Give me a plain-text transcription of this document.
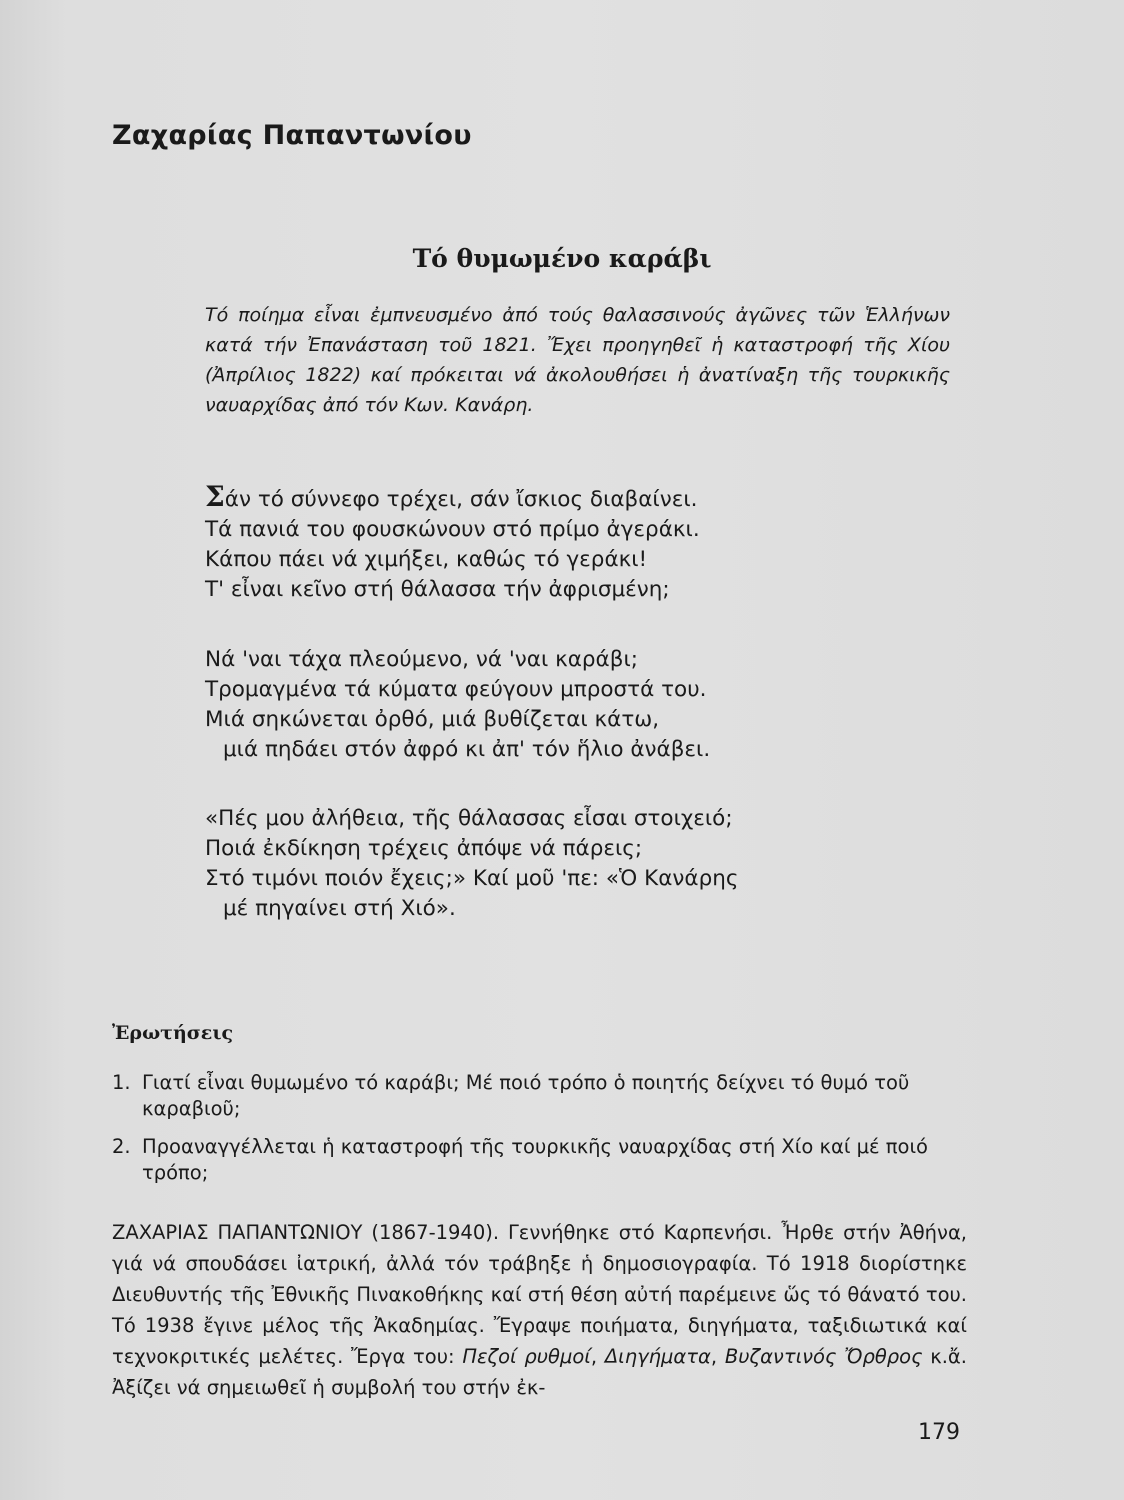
Ζαχαρίας Παπαντωνίου
Τό θυμωμένο καράβι
Τό ποίημα εἶναι ἐμπνευσμένο ἀπό τούς θαλασσινούς ἀγῶνες τῶν Ἑλλήνων κατά τήν Ἐπανάσταση τοῦ 1821. Ἔχει προηγηθεῖ ἡ καταστροφή τῆς Χίου (Ἀπρίλιος 1822) καί πρόκειται νά ἀκολουθήσει ἡ ἀνατίναξη τῆς τουρκικῆς ναυαρχίδας ἀπό τόν Κων. Κανάρη.
Σάν τό σύννεφο τρέχει, σάν ἴσκιος διαβαίνει.
Τά πανιά του φουσκώνουν στό πρίμο ἀγεράκι.
Κάπου πάει νά χιμήξει, καθώς τό γεράκι!
Τ' εἶναι κεῖνο στή θάλασσα τήν ἀφρισμένη;
Νά 'ναι τάχα πλεούμενο, νά 'ναι καράβι;
Τρομαγμένα τά κύματα φεύγουν μπροστά του.
Μιά σηκώνεται ὀρθό, μιά βυθίζεται κάτω,
μιά πηδάει στόν ἀφρό κι ἀπ' τόν ἥλιο ἀνάβει.
«Πές μου ἀλήθεια, τῆς θάλασσας εἶσαι στοιχειό;
Ποιά ἐκδίκηση τρέχεις ἀπόψε νά πάρεις;
Στό τιμόνι ποιόν ἔχεις;» Καί μοῦ 'πε: «Ὁ Κανάρης
μέ πηγαίνει στή Χιό».
Ἐρωτήσεις
1. Γιατί εἶναι θυμωμένο τό καράβι; Μέ ποιό τρόπο ὁ ποιητής δείχνει τό θυμό τοῦ καραβιοῦ;
2. Προαναγγέλλεται ἡ καταστροφή τῆς τουρκικῆς ναυαρχίδας στή Χίο καί μέ ποιό τρόπο;
ΖΑΧΑΡΙΑΣ ΠΑΠΑΝΤΩΝΙΟΥ (1867-1940). Γεννήθηκε στό Καρπενήσι. Ἦρθε στήν Ἀθήνα, γιά νά σπουδάσει ἰατρική, ἀλλά τόν τράβηξε ἡ δημοσιογραφία. Τό 1918 διορίστηκε Διευθυντής τῆς Ἐθνικῆς Πινακοθήκης καί στή θέση αὐτή παρέμεινε ὥς τό θάνατό του. Τό 1938 ἔγινε μέλος τῆς Ἀκαδημίας. Ἔγραψε ποιήματα, διηγήματα, ταξιδιωτικά καί τεχνοκριτικές μελέτες. Ἔργα του: Πεζοί ρυθμοί, Διηγήματα, Βυζαντινός Ὄρθρος κ.ἄ. Ἀξίζει νά σημειωθεῖ ἡ συμβολή του στήν ἐκ-
179
